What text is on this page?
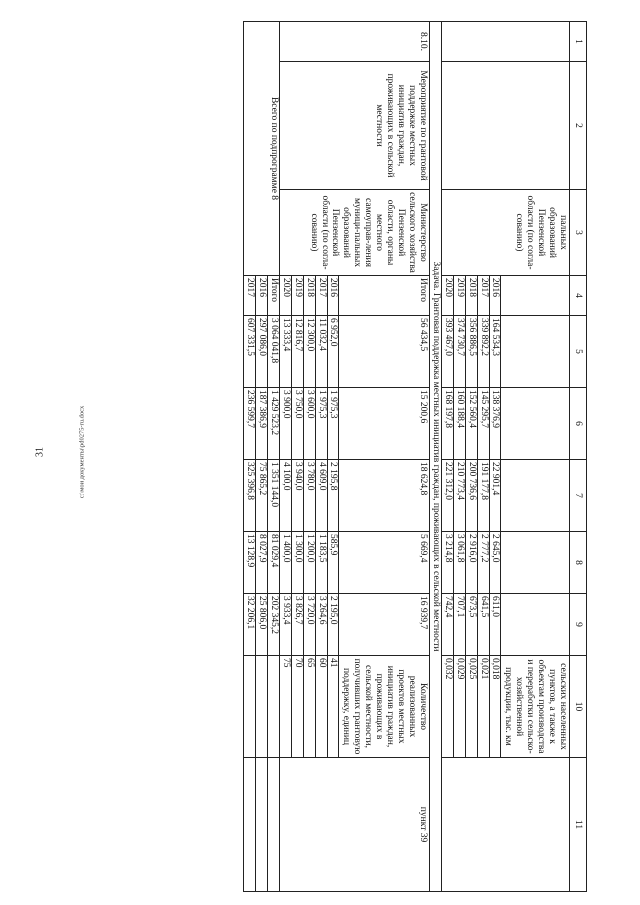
31	c:\мои документы\pd0275-ru.docx
1	2	3	4	5	6	7	8	9	10	11
		пальных образований Пензенской области (по согла-сованию)							сельских населенных пунктов, а также к объектам производства и переработки сельско-хозяйственной продукции, тыс. км	
			2016	164 534,3	138 376,9	22 901,4	2 645,0	611,0	0,018	
			2017	339 892,2	145 295,7	191 177,8	2 777,2	641,5	0,021	
			2018	356 886,5	152 560,4	200 736,6	2 916,0	673,5	0,025	
			2019	374 730,7	160 188,4	210 773,4	3 061,8	707,1	0,029	
			2020	393 467,0	168 197,8	221 312,0	3 214,8	742,4	0,032	
Задача. Грантовая поддержка местных инициатив граждан, проживающих в сельской местности										
8.10.	Мероприятие по грантовой поддержке местных инициатив граждан, проживающих в сельской местности	Министерство сельского хозяйства Пензенской области, органы местного самоуправ-ления муници-пальных образований Пензенской области (по согла-сованию)	Итого	56 434,5	15 200,6	18 624,8	5 669,4	16 939,7	Количество реализованных проектов местных инициатив граждан, проживающих в сельской местности, получивших грантовую поддержку, единиц	пункт 39
			2016	6 952,0	1 975,3	2 195,8	585,9	2 195,0	41	
			2017	11 032,4	1 975,3	4 609,0	1 183,5	3 264,6	60	
			2018	12 300,0	3 600,0	3 780,0	1 200,0	3 720,0	65	
			2019	12 816,7	3 750,0	3 940,0	1 300,0	3 826,7	70	
			2020	13 333,4	3 900,0	4 100,0	1 400,0	3 933,4	75	
Всего по подпрограмме 8			Итого	3 064 041,8	1 429 523,2	1 351 144,0	81 029,4	202 345,2		
			2016	297 086,0	187 386,9	75 865,2	8 027,9	25 806,0		
			2017	607 331,5	236 599,7	325 396,8	13 128,9	32 206,1		
